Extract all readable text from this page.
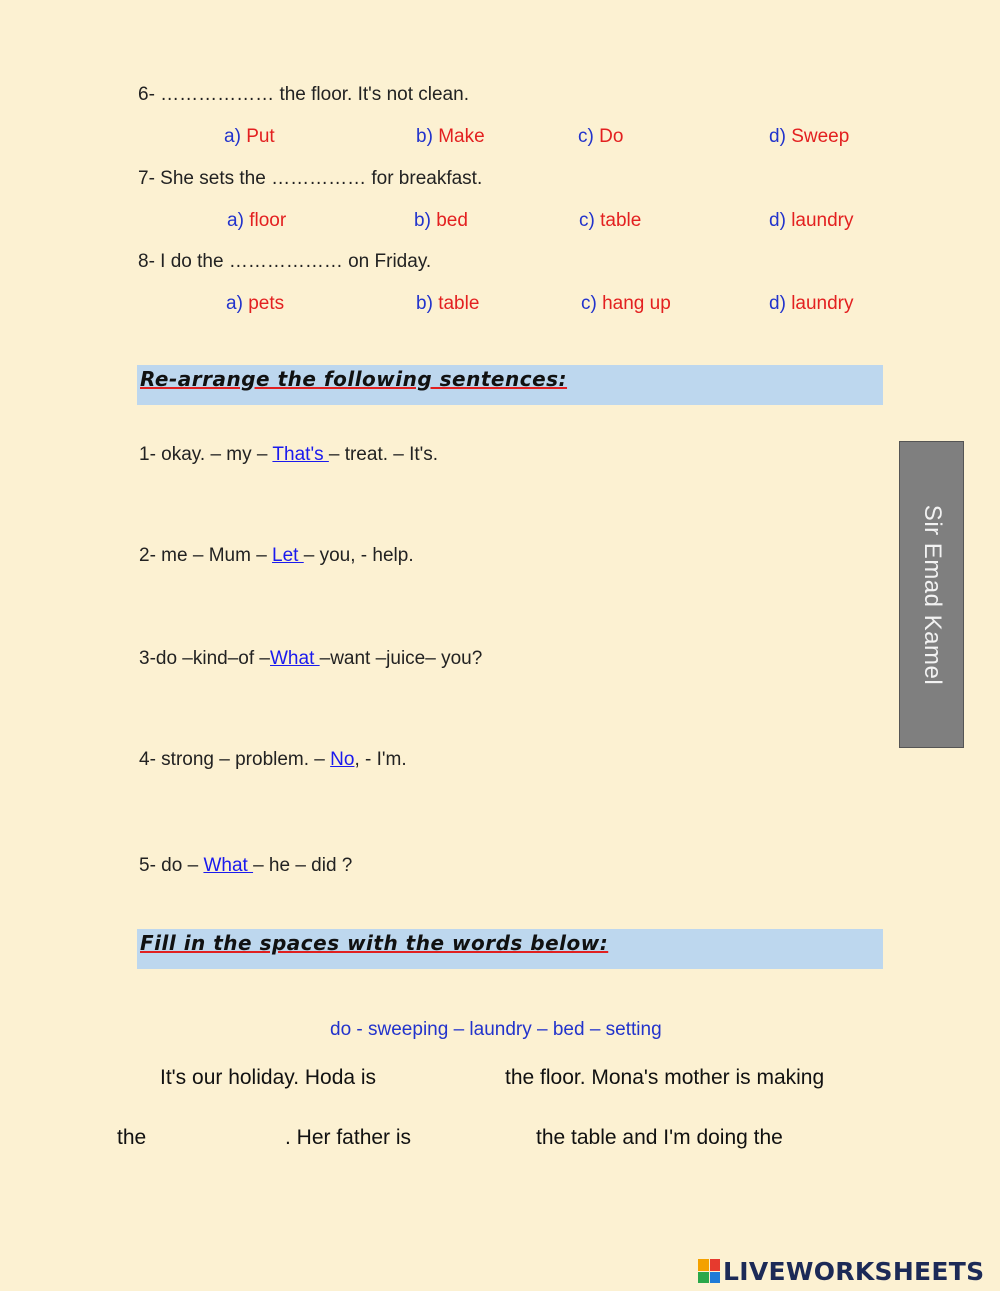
6- ……………… the floor. It's not clean.
a) Put	b) Make	c) Do	d) Sweep
7- She sets the …………… for breakfast.
a) floor	b) bed	c) table	d) laundry
8- I do the ……………… on Friday.
a) pets	b) table	c) hang up	d) laundry
Re-arrange the following sentences:
1- okay. – my – That's – treat. – It's.
2- me – Mum – Let – you, - help.
3-do –kind–of –What –want –juice– you?
4- strong – problem. – No, - I'm.
5- do – What – he – did ?
Sir Emad Kamel
Fill in the spaces with the words below:
do - sweeping – laundry – bed – setting
It's our holiday. Hoda is	the floor. Mona's mother is making
the	. Her father is	the table and I'm doing the
LIVEWORKSHEETS
